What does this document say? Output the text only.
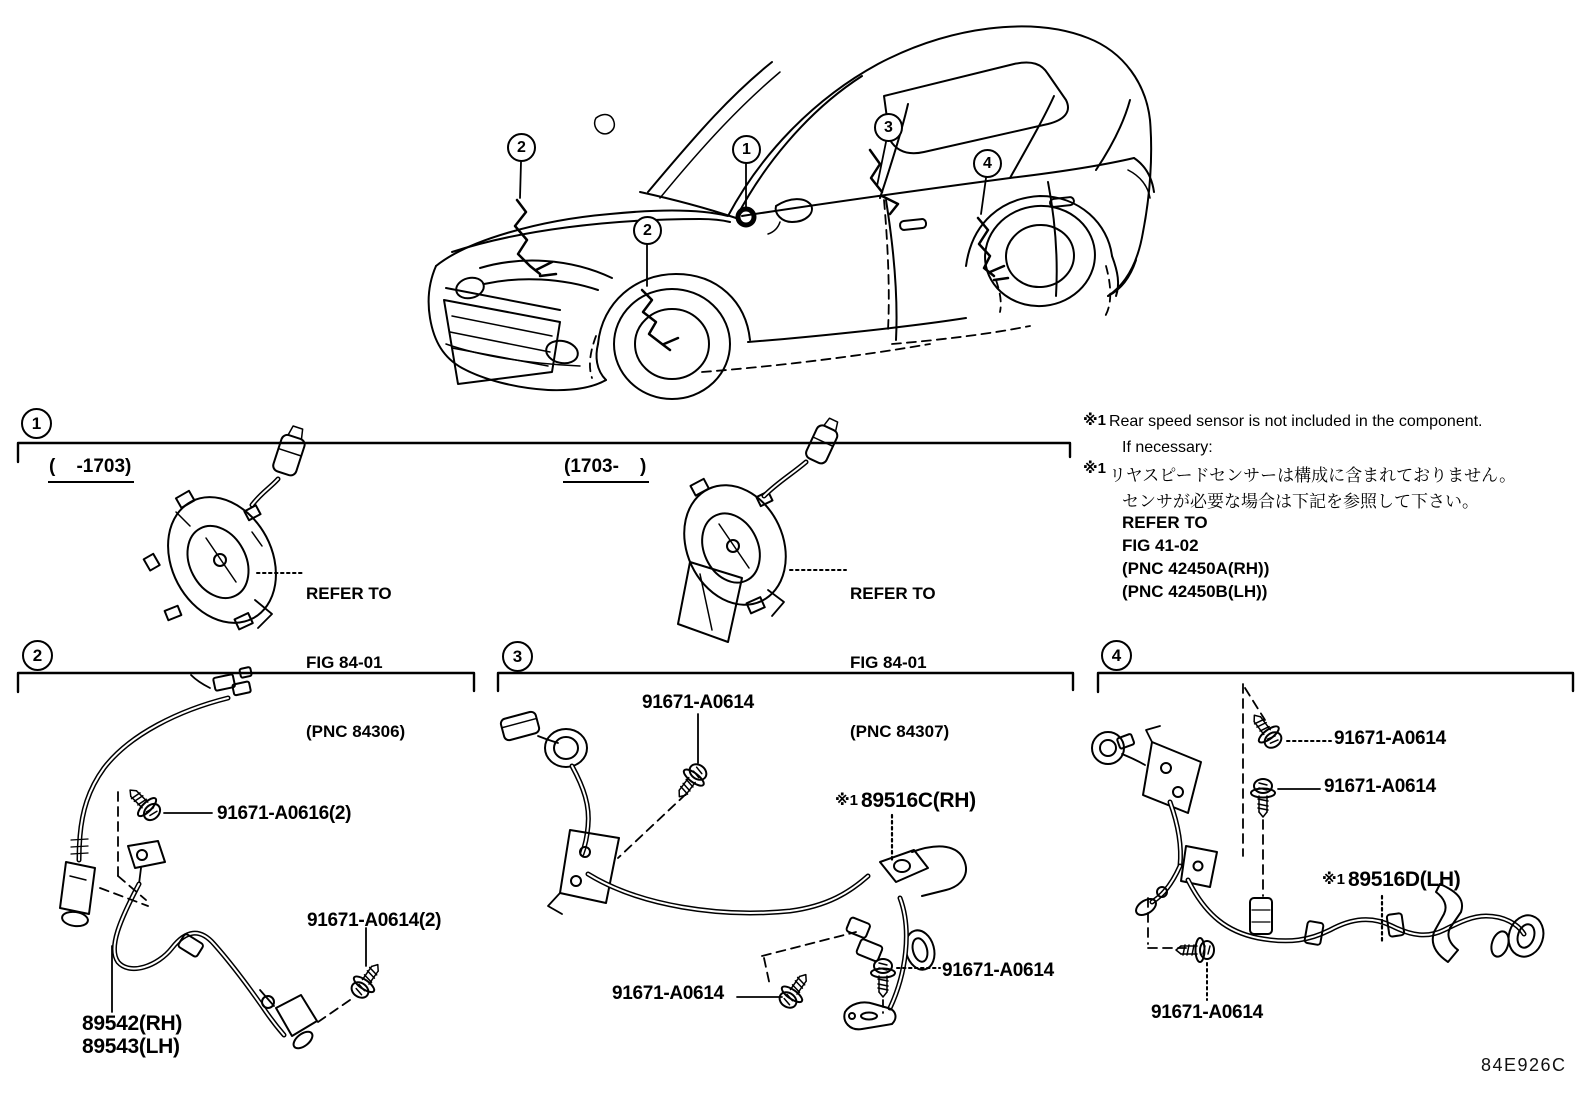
2	1
2
3
4
1
2	3	4
(    -1703)	(1703-    )

REFER TO

FIG 84-01

(PNC 84306)

REFER TO

FIG 84-01

(PNC 84307)

※1 Rear speed sensor is not included in the component.
If necessary:
※1 リヤスピードセンサーは構成に含まれておりません。
センサが必要な場合は下記を参照して下さい。
REFER TO
FIG 41-02
(PNC 42450A(RH))
(PNC 42450B(LH))
91671-A0616(2)
91671-A0614(2)
89542(RH)
89543(LH)
91671-A0614
※1 89516C(RH)
91671-A0614
91671-A0614
91671-A0614
91671-A0614
※1 89516D(LH)
91671-A0614
84E926C
